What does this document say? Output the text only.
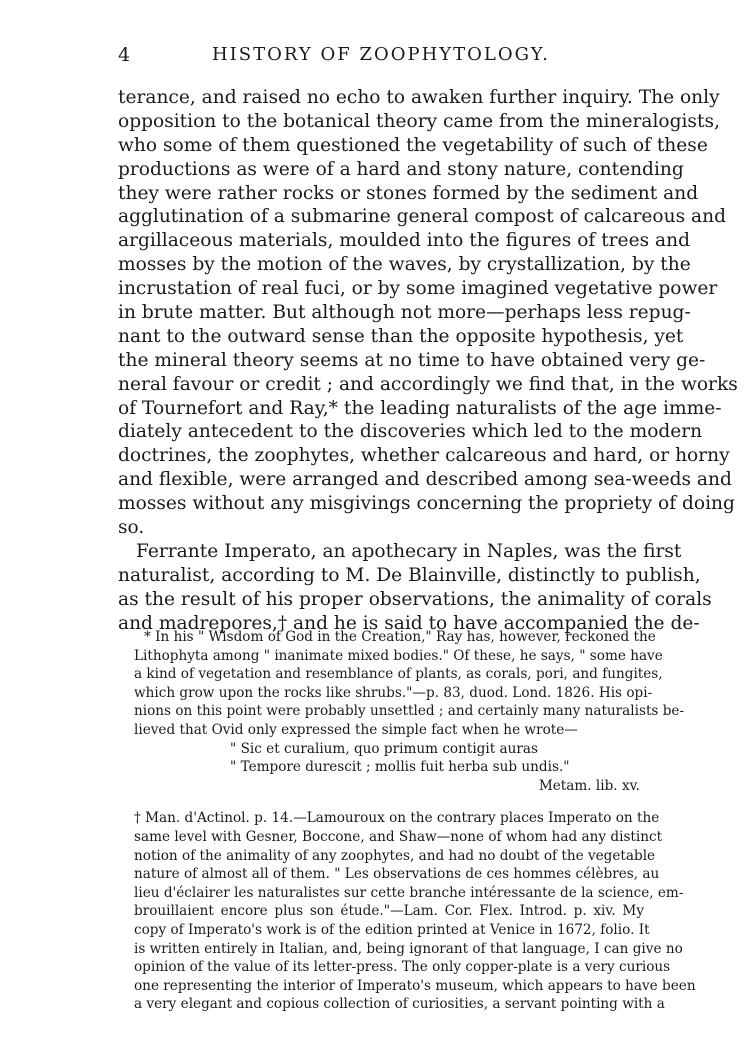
4	HISTORY OF ZOOPHYTOLOGY.
terance, and raised no echo to awaken further inquiry. The only
opposition to the botanical theory came from the mineralogists,
who some of them questioned the vegetability of such of these
productions as were of a hard and stony nature, contending
they were rather rocks or stones formed by the sediment and
agglutination of a submarine general compost of calcareous and
argillaceous materials, moulded into the figures of trees and
mosses by the motion of the waves, by crystallization, by the
incrustation of real fuci, or by some imagined vegetative power
in brute matter. But although not more—perhaps less repug-
nant to the outward sense than the opposite hypothesis, yet
the mineral theory seems at no time to have obtained very ge-
neral favour or credit ; and accordingly we find that, in the works
of Tournefort and Ray,* the leading naturalists of the age imme-
diately antecedent to the discoveries which led to the modern
doctrines, the zoophytes, whether calcareous and hard, or horny
and flexible, were arranged and described among sea-weeds and
mosses without any misgivings concerning the propriety of doing
so.
Ferrante Imperato, an apothecary in Naples, was the first
naturalist, according to M. De Blainville, distinctly to publish,
as the result of his proper observations, the animality of corals
and madrepores,† and he is said to have accompanied the de-
* In his " Wisdom of God in the Creation," Ray has, however, reckoned the
Lithophyta among " inanimate mixed bodies." Of these, he says, " some have
a kind of vegetation and resemblance of plants, as corals, pori, and fungites,
which grow upon the rocks like shrubs."—p. 83, duod. Lond. 1826. His opi-
nions on this point were probably unsettled ; and certainly many naturalists be-
lieved that Ovid only expressed the simple fact when he wrote—
" Sic et curalium, quo primum contigit auras
" Tempore durescit ; mollis fuit herba sub undis."
Metam. lib. xv.
† Man. d'Actinol. p. 14.—Lamouroux on the contrary places Imperato on the
same level with Gesner, Boccone, and Shaw—none of whom had any distinct
notion of the animality of any zoophytes, and had no doubt of the vegetable
nature of almost all of them. " Les observations de ces hommes célèbres, au
lieu d'éclairer les naturalistes sur cette branche intéressante de la science, em-
brouillaient encore plus son étude."—Lam. Cor. Flex. Introd. p. xiv. My
copy of Imperato's work is of the edition printed at Venice in 1672, folio. It
is written entirely in Italian, and, being ignorant of that language, I can give no
opinion of the value of its letter-press. The only copper-plate is a very curious
one representing the interior of Imperato's museum, which appears to have been
a very elegant and copious collection of curiosities, a servant pointing with a
